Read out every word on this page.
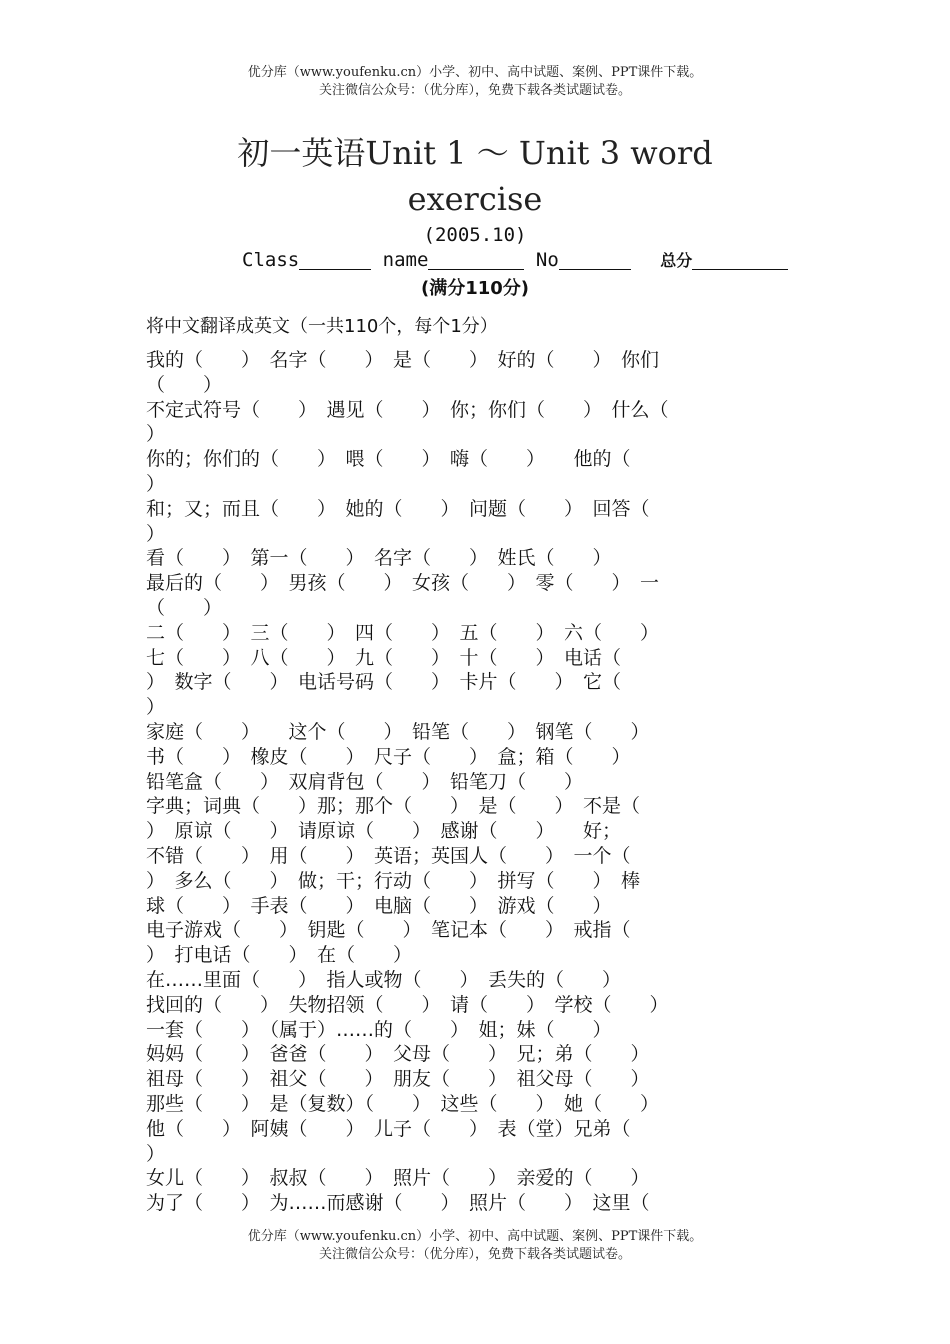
优分库（www.youfenku.cn）小学、初中、高中试题、案例、PPT课件下载。
关注微信公众号：（优分库），免费下载各类试题试卷。
初一英语Unit 1 ～ Unit 3 word
exercise
(2005.10)
Class	name	No	总分
(满分110分)
将中文翻译成英文（一共110个，每个1分）
我的（　　）　名字（　　）　是（　　）　好的（　　）　你们
（　　）
不定式符号（　　）　遇见（　　）　你；你们（　　）　什么（
）
你的；你们的（　　）　喂（　　）　嗨（　　）　　他的（
）
和；又；而且（　　）　她的（　　）　问题（　　）　回答（
）
看（　　）　第一（　　）　名字（　　）　姓氏（　　）
最后的（　　）　男孩（　　）　女孩（　　）　零（　　）　一
（　　）
二（　　）　三（　　）　四（　　）　五（　　）　六（　　）
七（　　）　八（　　）　九（　　）　十（　　）　电话（
）　数字（　　）　电话号码（　　）　卡片（　　）　它（
）
家庭（　　）　　这个（　　）　铅笔（　　）　钢笔（　　）
书（　　）　橡皮（　　）　尺子（　　）　盒；箱（　　）
铅笔盒（　　）　双肩背包（　　）　铅笔刀（　　）
字典；词典（　　）那；那个（　　）　是（　　）　不是（
）　原谅（　　）　请原谅（　　）　感谢（　　）　　好；
不错（　　）　用（　　）　英语；英国人（　　）　一个（
）　多么（　　）　做；干；行动（　　）　拼写（　　）　棒
球（　　）　手表（　　）　电脑（　　）　游戏（　　）
电子游戏（　　）　钥匙（　　）　笔记本（　　）　戒指（
）　打电话（　　）　在（　　）
在……里面（　　）　指人或物（　　）　丢失的（　　）
找回的（　　）　失物招领（　　）　请（　　）　学校（　　）
一套（　　）　（属于）……的（　　）　姐；妹（　　）
妈妈（　　）　爸爸（　　）　父母（　　）　兄；弟（　　）
祖母（　　）　祖父（　　）　朋友（　　）　祖父母（　　）
那些（　　）　是（复数）（　　）　这些（　　）　她（　　）
他（　　）　阿姨（　　）　儿子（　　）　表（堂）兄弟（
）
女儿（　　）　叔叔（　　）　照片（　　）　亲爱的（　　）
为了（　　）　为……而感谢（　　）　照片（　　）　这里（
优分库（www.youfenku.cn）小学、初中、高中试题、案例、PPT课件下载。
关注微信公众号：（优分库），免费下载各类试题试卷。
